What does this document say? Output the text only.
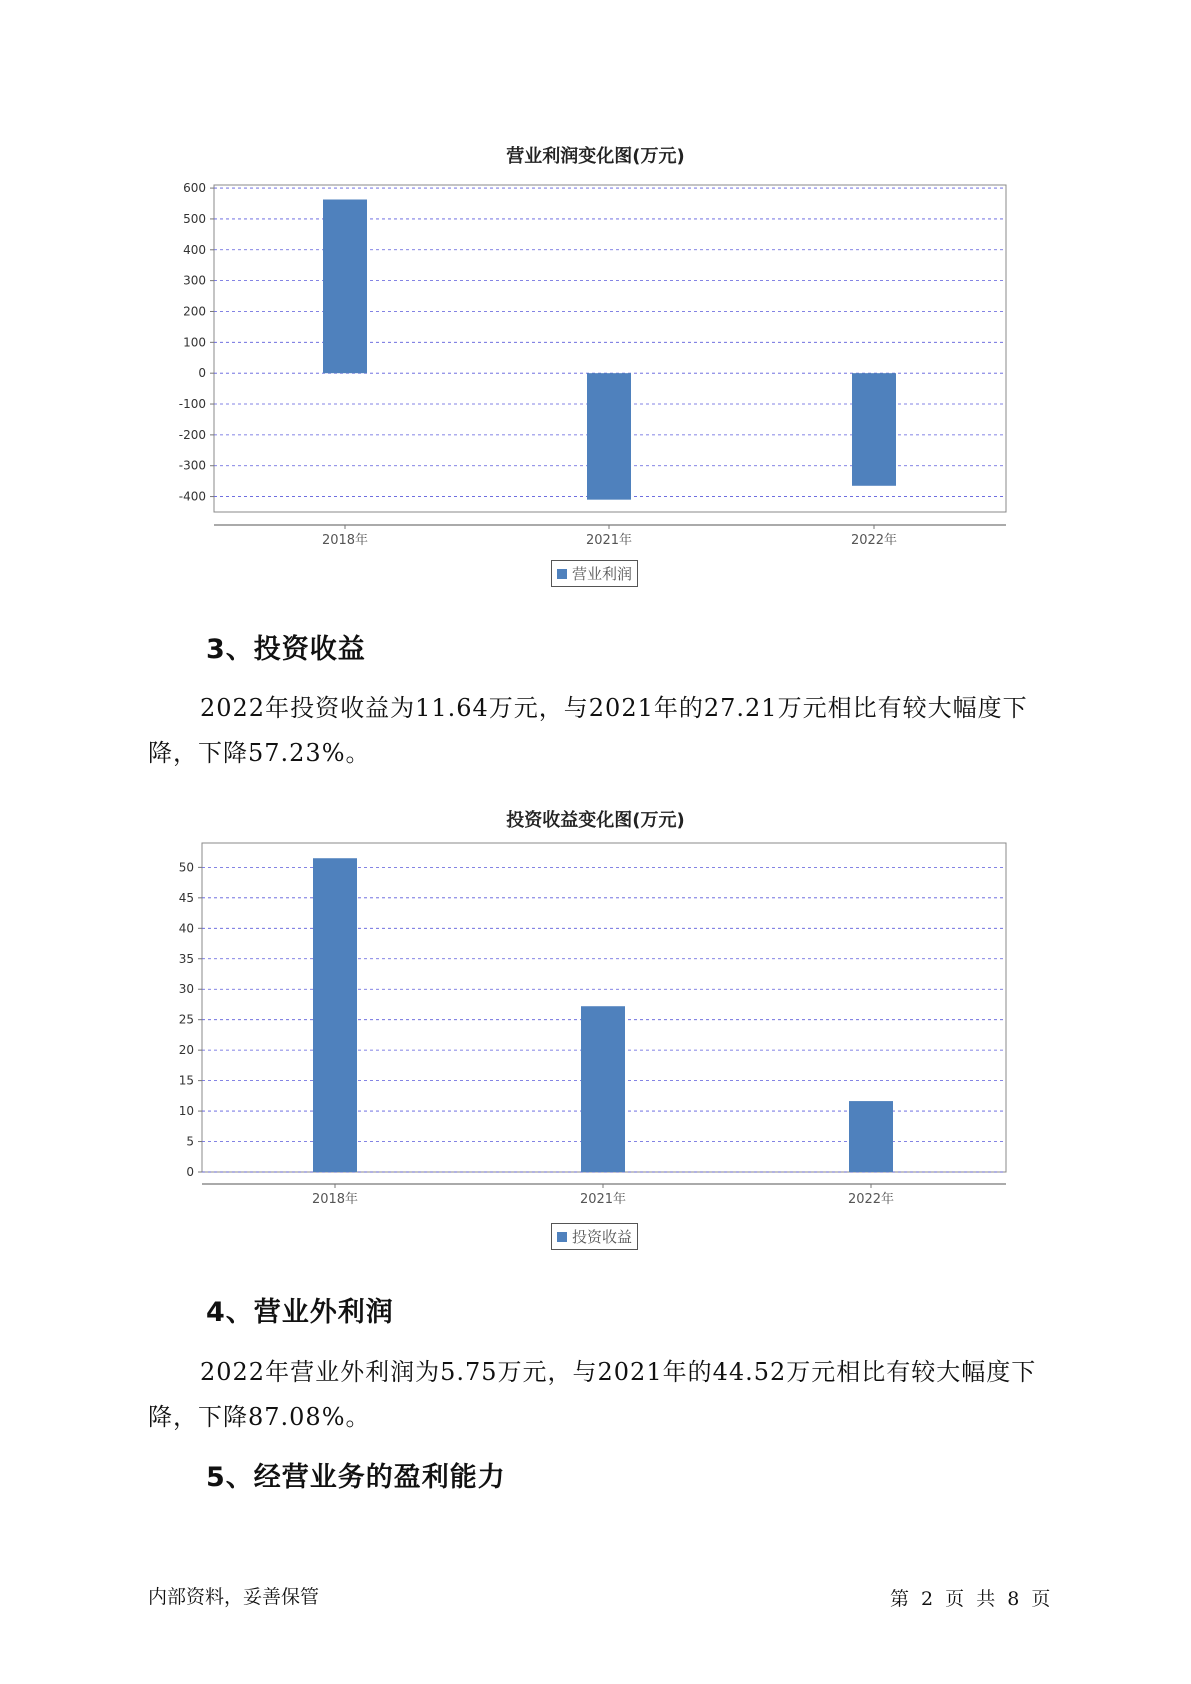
营业利润变化图(万元)
600
500
400
300
200
100
0
-100
-200
-300
-400
2018年	2021年	2022年
营业利润
3、投资收益

2022年投资收益为11.64万元，与2021年的27.21万元相比有较大幅度下降，下降57.23%。

投资收益变化图(万元)
50
45
40
35
30
25
20
15
10
5
0
2018年	2021年	2022年
投资收益
4、营业外利润

2022年营业外利润为5.75万元，与2021年的44.52万元相比有较大幅度下降，下降87.08%。

5、经营业务的盈利能力
内部资料，妥善保管	第 2 页 共 8 页
